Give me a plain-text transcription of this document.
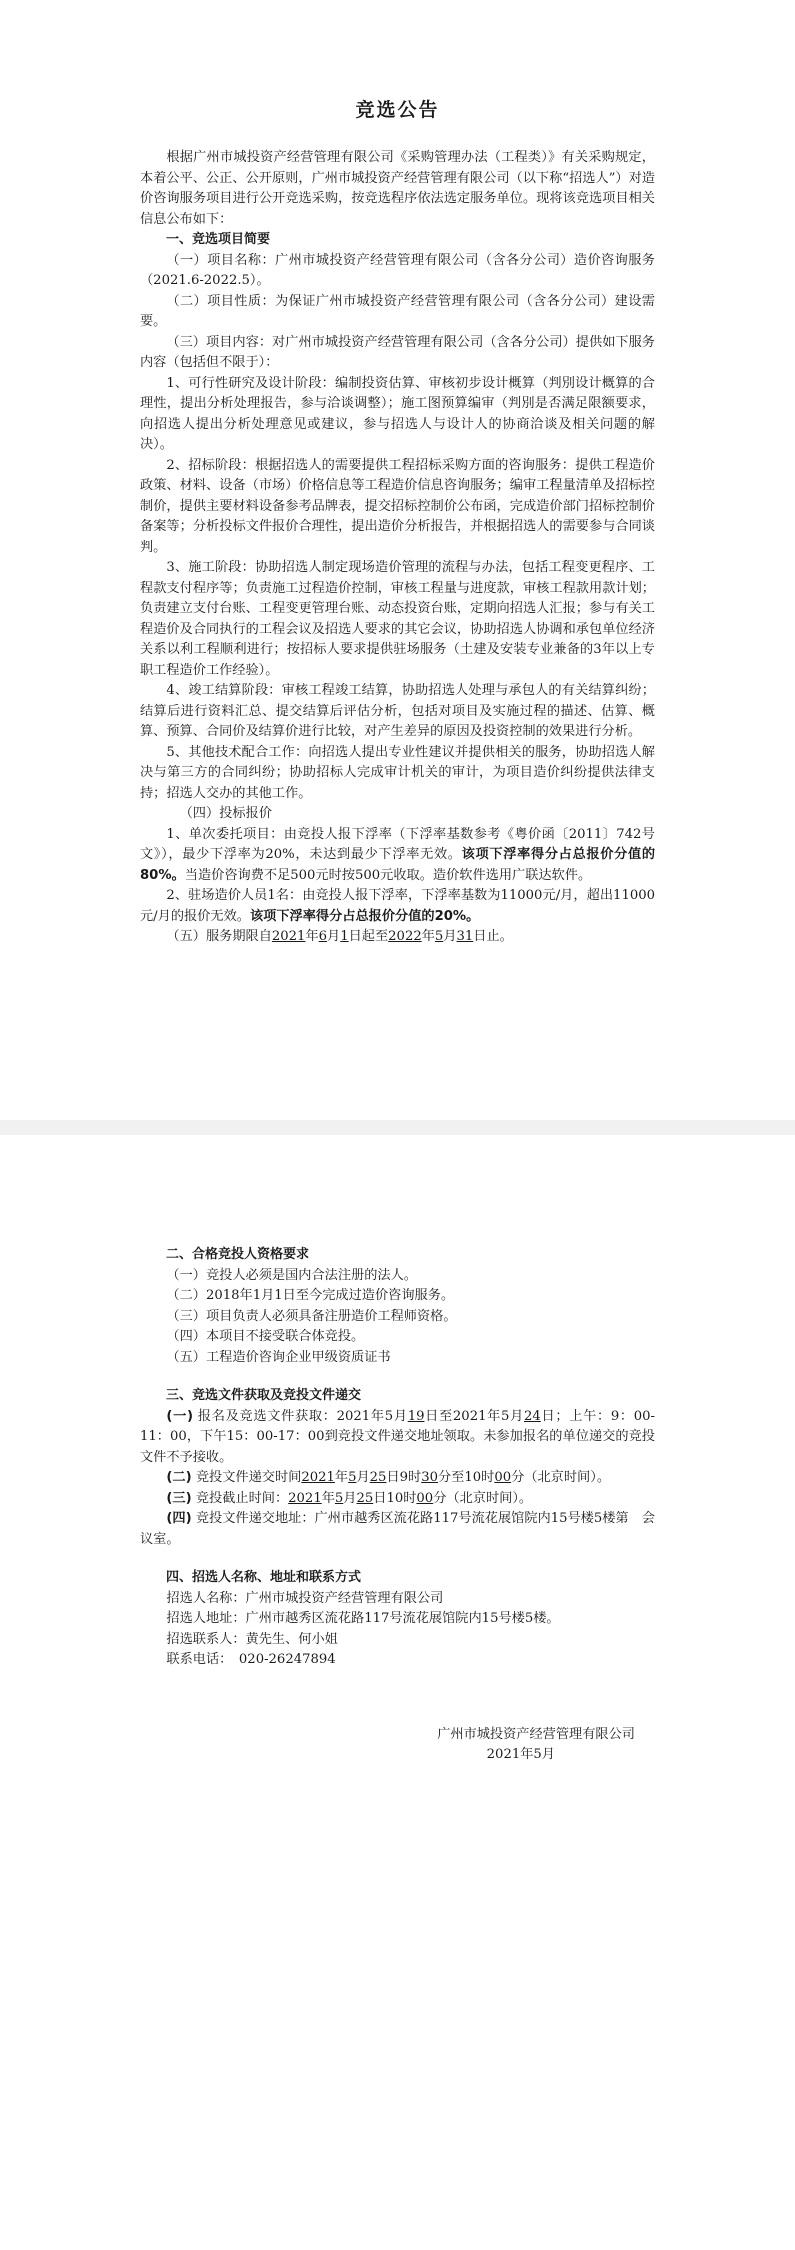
竞选公告

根据广州市城投资产经营管理有限公司《采购管理办法（工程类）》有关采购规定，本着公平、公正、公开原则，广州市城投资产经营管理有限公司（以下称“招选人”）对造价咨询服务项目进行公开竞选采购，按竞选程序依法选定服务单位。现将该竞选项目相关信息公布如下：

一、竞选项目简要

（一）项目名称：广州市城投资产经营管理有限公司（含各分公司）造价咨询服务（2021.6-2022.5）。

（二）项目性质：为保证广州市城投资产经营管理有限公司（含各分公司）建设需要。

（三）项目内容：对广州市城投资产经营管理有限公司（含各分公司）提供如下服务内容（包括但不限于）：

1、可行性研究及设计阶段：编制投资估算、审核初步设计概算（判別设计概算的合理性，提出分析处理报告，参与洽谈调整）；施工图预算编审（判別是否满足限额要求，向招选人提出分析处理意见或建议，参与招选人与设计人的协商洽谈及相关问题的解决）。

2、招标阶段：根据招选人的需要提供工程招标采购方面的咨询服务：提供工程造价政策、材料、设备（市场）价格信息等工程造价信息咨询服务；编审工程量清单及招标控制价，提供主要材料设备参考品牌表，提交招标控制价公布函，完成造价部门招标控制价备案等；分析投标文件报价合理性，提出造价分析报告，并根据招选人的需要参与合同谈判。

3、施工阶段：协助招选人制定现场造价管理的流程与办法，包括工程变更程序、工程款支付程序等；负责施工过程造价控制，审核工程量与进度款，审核工程款用款计划；负责建立支付台账、工程变更管理台账、动态投资台账，定期向招选人汇报；参与有关工程造价及合同执行的工程会议及招选人要求的其它会议，协助招选人协调和承包单位经济关系以利工程顺利进行；按招标人要求提供驻场服务（土建及安装专业兼备的3年以上专职工程造价工作经验）。

4、竣工结算阶段：审核工程竣工结算，协助招选人处理与承包人的有关结算纠纷；结算后进行资料汇总、提交结算后评估分析，包括对项目及实施过程的描述、估算、概算、预算、合同价及结算价进行比较，对产生差异的原因及投资控制的效果进行分析。

5、其他技术配合工作：向招选人提出专业性建议并提供相关的服务，协助招选人解决与第三方的合同纠纷；协助招标人完成审计机关的审计，为项目造价纠纷提供法律支持；招选人交办的其他工作。

（四）投标报价

1、单次委托项目：由竞投人报下浮率（下浮率基数参考《粤价函〔2011〕742号文》），最少下浮率为20%，未达到最少下浮率无效。该项下浮率得分占总报价分值的80%。当造价咨询费不足500元时按500元收取。造价软件选用广联达软件。

2、驻场造价人员1名：由竞投人报下浮率，下浮率基数为11000元/月，超出11000元/月的报价无效。该项下浮率得分占总报价分值的20%。

（五）服务期限自2021年6月1日起至2022年5月31日止。

二、合格竞投人资格要求

（一）竞投人必须是国内合法注册的法人。

（二）2018年1月1日至今完成过造价咨询服务。

（三）项目负责人必须具备注册造价工程师资格。

（四）本项目不接受联合体竞投。

（五）工程造价咨询企业甲级资质证书

三、竞选文件获取及竞投文件递交

(一) 报名及竞选文件获取：2021年5月19日至2021年5月24日；上午：9：00-11：00，下午15：00-17：00到竞投文件递交地址领取。未参加报名的单位递交的竞投文件不予接收。

(二) 竞投文件递交时间2021年5月25日9时30分至10时00分（北京时间）。

(三) 竞投截止时间：2021年5月25日10时00分（北京时间）。

(四) 竞投文件递交地址：广州市越秀区流花路117号流花展馆院内15号楼5楼第　会议室。

四、招选人名称、地址和联系方式

招选人名称：广州市城投资产经营管理有限公司

招选人地址：广州市越秀区流花路117号流花展馆院内15号楼5楼。

招选联系人：黄先生、何小姐

联系电话：　020-26247894

广州市城投资产经营管理有限公司

2021年5月
